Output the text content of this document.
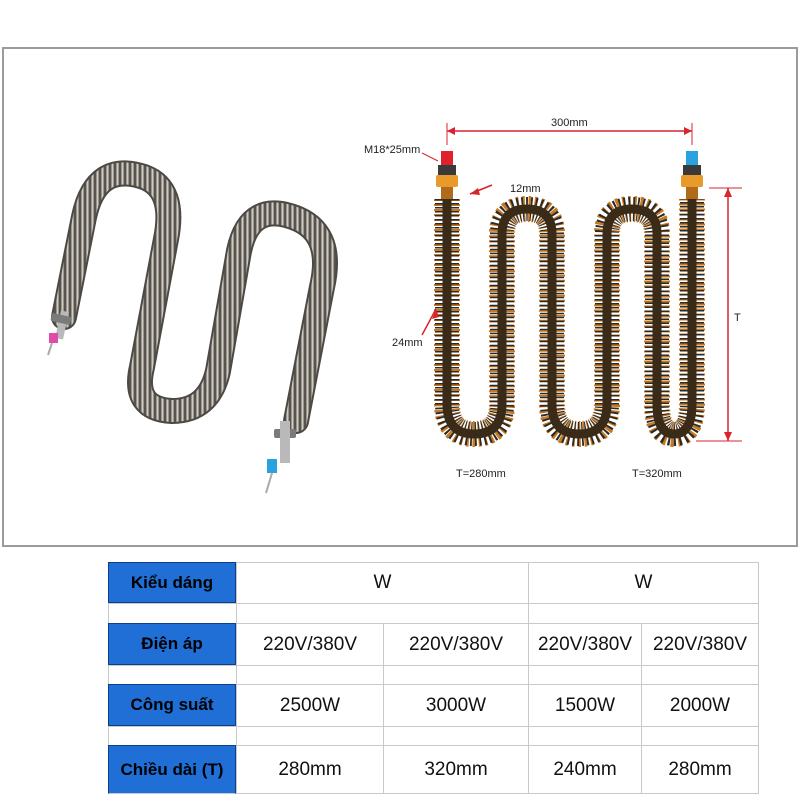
300mm
M18*25mm
12mm
24mm
T
T=280mm	T=320mm
Kiểu dáng	W	W
Điện áp	220V/380V	220V/380V	220V/380V	220V/380V
Công suất	2500W	3000W	1500W	2000W
Chiều dài (T)	280mm	320mm	240mm	280mm
